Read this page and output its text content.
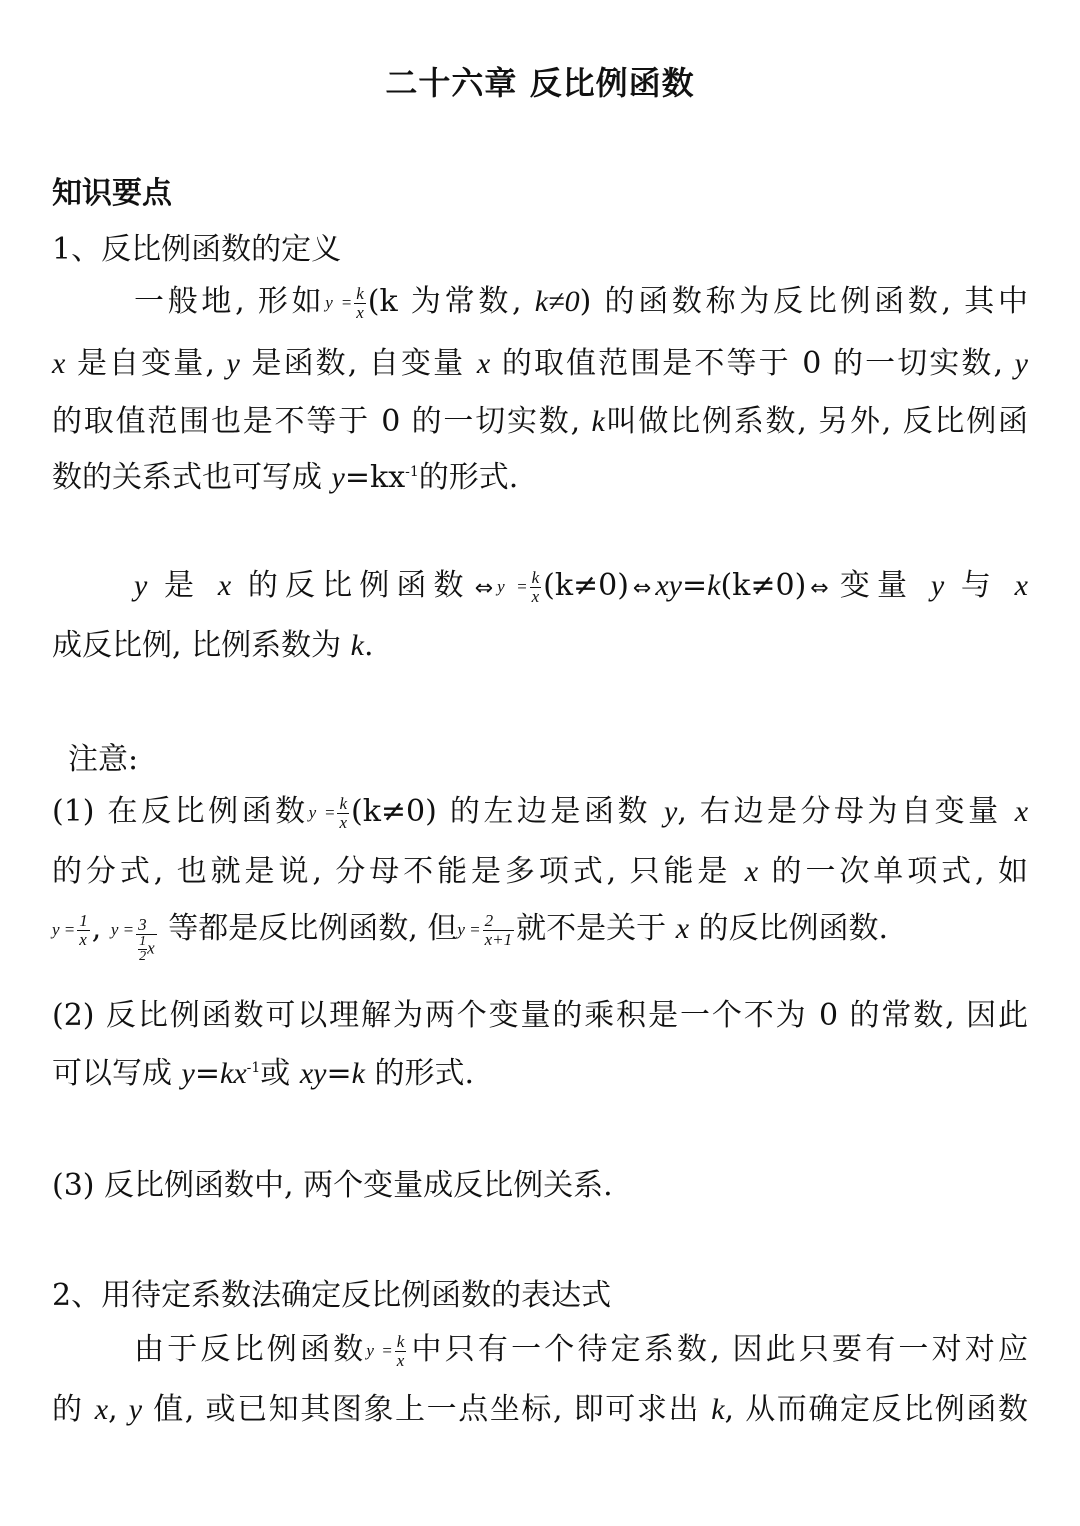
二十六章 反比例函数
知识要点
1、反比例函数的定义
一般地, 形如$y = \frac{k}{x} (k$ 为常数, k≠0) 的函数称为反比例函数, 其中
x 是自变量, y 是函数, 自变量 x 的取值范围是不等于 0 的一切实数, y
的取值范围也是不等于 0 的一切实数, k叫做比例系数, 另外, 反比例函
数的关系式也可写成 $y=kx^{-1}$的形式.
y 是 x 的反比例函数 ⇔ $y = \frac{k}{x} (k\ne 0)$ ⇔ xy=k(k≠0) ⇔ 变量 y 与 x
成反比例, 比例系数为 k.
注意:
(1) 在反比例函数$y = \frac{k}{x} (k\ne 0)$ 的左边是函数 y, 右边是分母为自变量 x
的分式, 也就是说, 分母不能是多项式, 只能是 x 的一次单项式, 如
$y = \frac{1}{x}$ , $y = \frac{3}{\frac{1}{2} x}$ 等都是反比例函数, 但$y = \frac{2}{x+1}$ 就不是关于 x 的反比例函数.
(2) 反比例函数可以理解为两个变量的乘积是一个不为 0 的常数, 因此
可以写成 $y=kx^{-1}$或 xy=k 的形式.
(3) 反比例函数中, 两个变量成反比例关系.
2、用待定系数法确定反比例函数的表达式
由于反比例函数$y = \frac{k}{x}$ 中只有一个待定系数, 因此只要有一对对应
的 x, y 值, 或已知其图象上一点坐标, 即可求出 k, 从而确定反比例函数
